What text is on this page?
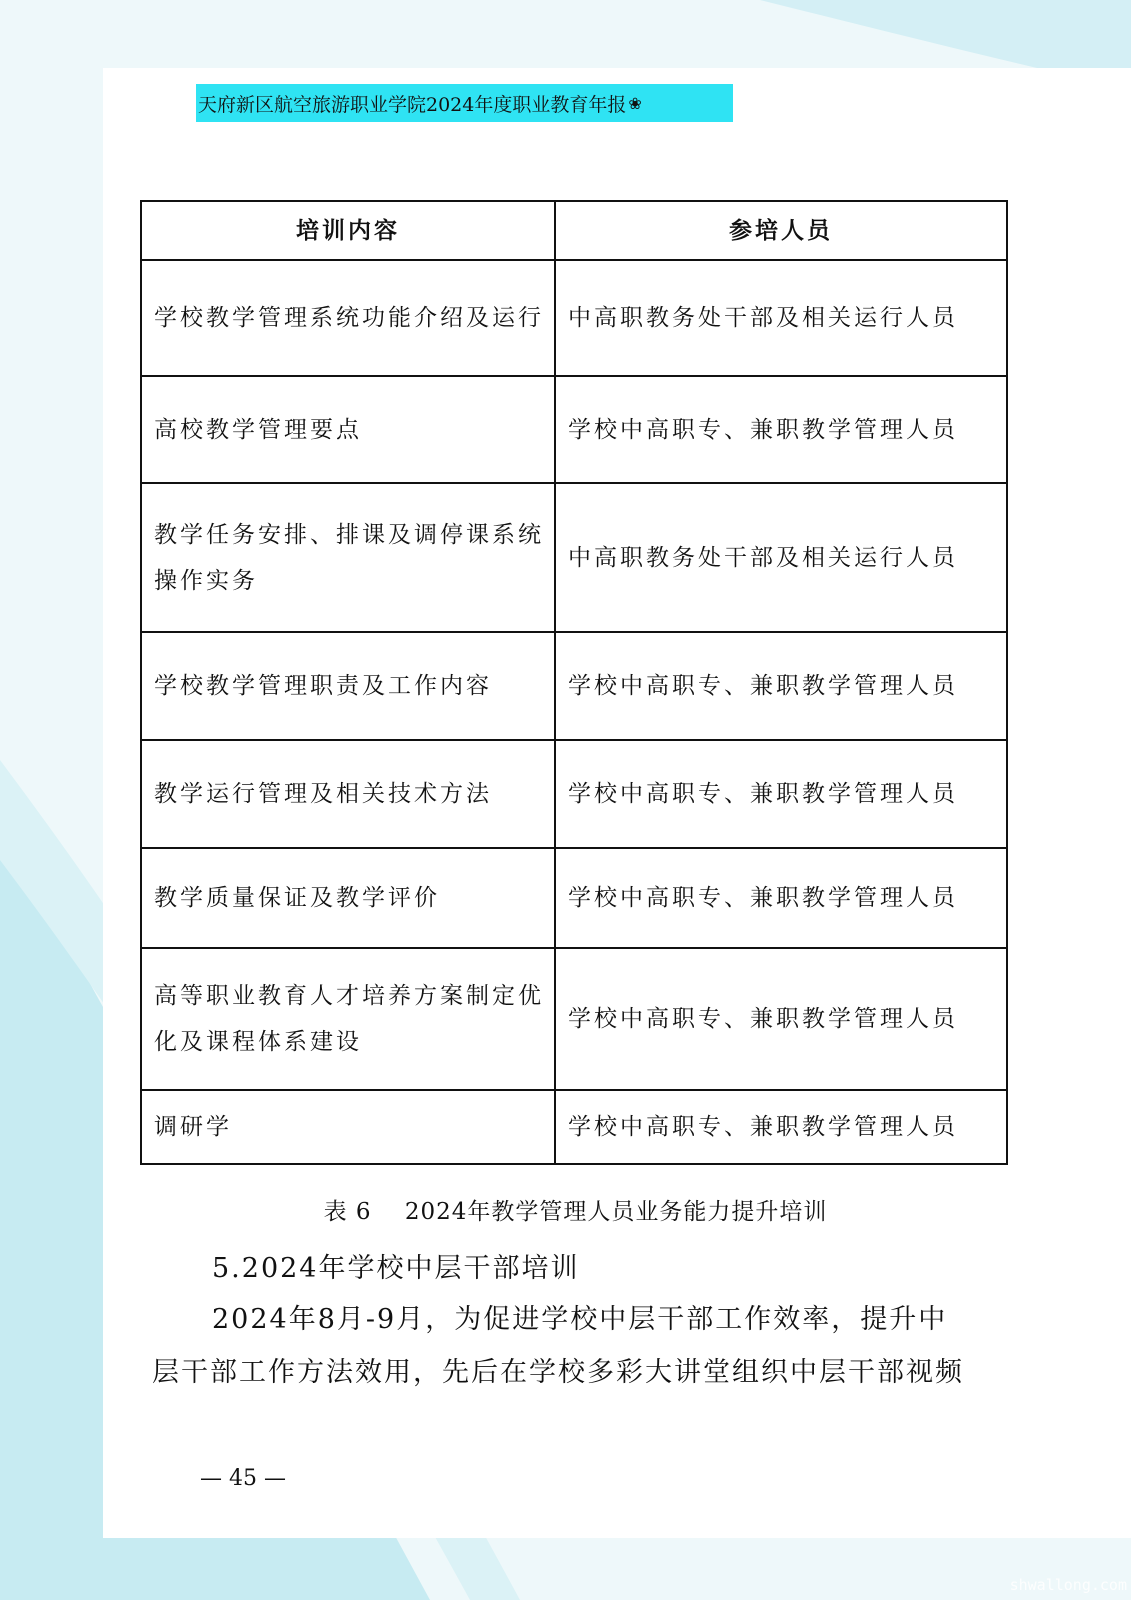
天府新区航空旅游职业学院2024年度职业教育年报 ❀
培训内容	参培人员
学校教学管理系统功能介绍及运行	中高职教务处干部及相关运行人员
高校教学管理要点	学校中高职专、兼职教学管理人员
教学任务安排、排课及调停课系统操作实务	中高职教务处干部及相关运行人员
学校教学管理职责及工作内容	学校中高职专、兼职教学管理人员
教学运行管理及相关技术方法	学校中高职专、兼职教学管理人员
教学质量保证及教学评价	学校中高职专、兼职教学管理人员
高等职业教育人才培养方案制定优化及课程体系建设	学校中高职专、兼职教学管理人员
调研学	学校中高职专、兼职教学管理人员
表 6    2024年教学管理人员业务能力提升培训
5.2024年学校中层干部培训
2024年8月-9月，为促进学校中层干部工作效率，提升中
层干部工作方法效用，先后在学校多彩大讲堂组织中层干部视频
— 45 —
shwallong.com
